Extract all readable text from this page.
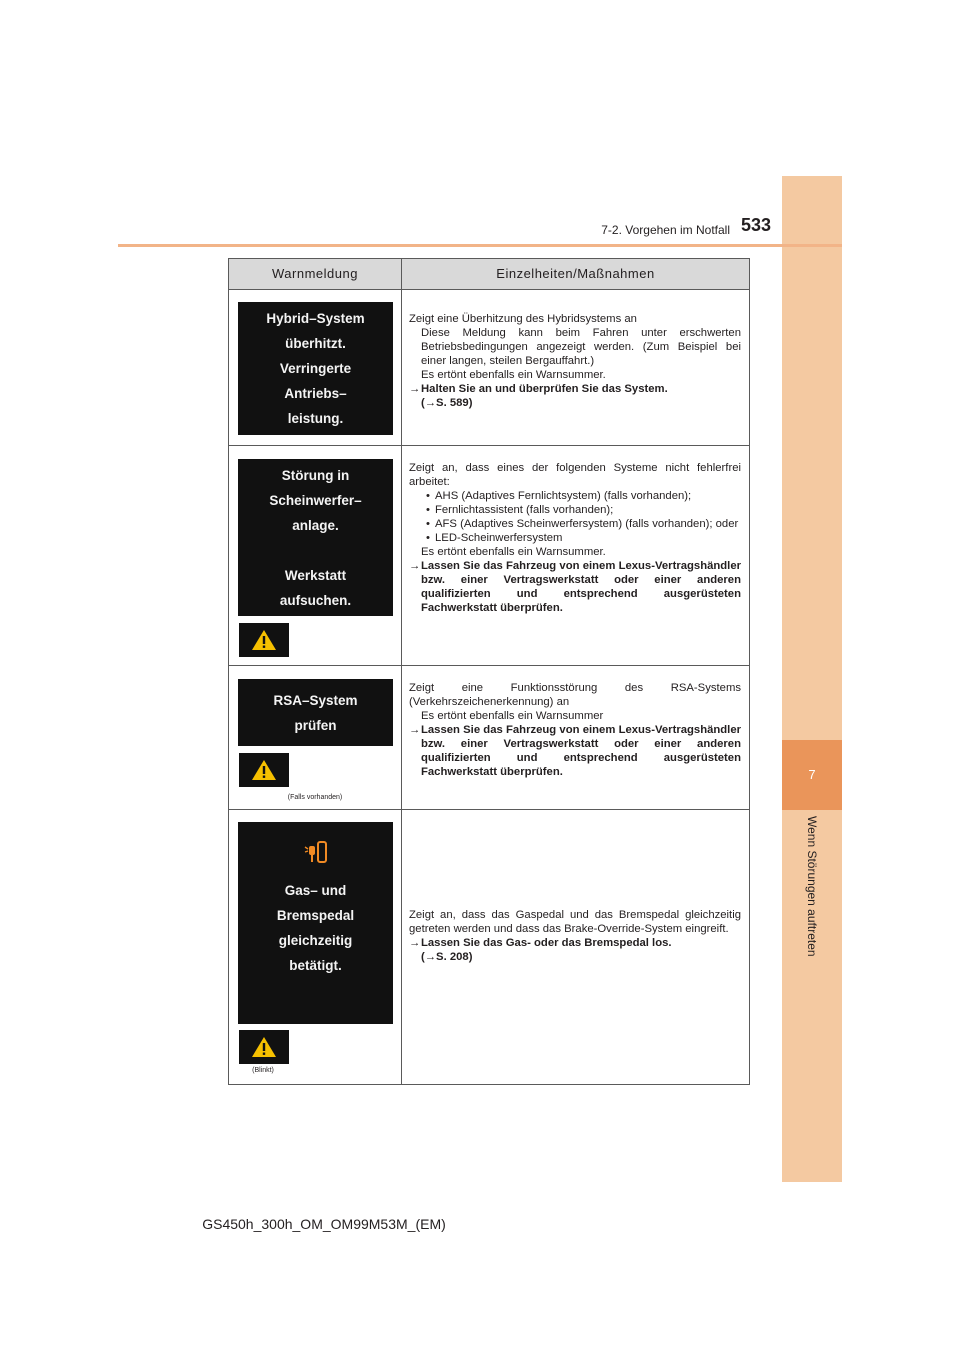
7
Wenn Störungen auftreten
7-2. Vorgehen im Notfall 533
Warnmeldung	Einzelheiten/Maßnahmen
Hybrid–System
überhitzt.
Verringerte
Antriebs–
leistung.

Zeigt eine Überhitzung des Hybridsystems an

Diese Meldung kann beim Fahren unter erschwerten Betriebsbedingungen angezeigt werden. (Zum Beispiel bei einer langen, steilen Bergauffahrt.)

Es ertönt ebenfalls ein Warnsummer.

→ Halten Sie an und überprüfen Sie das System.

(→S. 589)

Störung in
Scheinwerfer–
anlage.

Werkstatt
aufsuchen.

Zeigt an, dass eines der folgenden Systeme nicht fehlerfrei arbeitet:

• AHS (Adaptives Fernlichtsystem) (falls vorhanden);
• Fernlichtassistent (falls vorhanden);
• AFS (Adaptives Scheinwerfersystem) (falls vorhanden); oder
• LED-Scheinwerfersystem

Es ertönt ebenfalls ein Warnsummer.

→ Lassen Sie das Fahrzeug von einem Lexus-Vertragshändler bzw. einer Vertragswerkstatt oder einer anderen qualifizierten und entsprechend ausgerüsteten Fachwerkstatt überprüfen.
RSA–System
prüfen
(Falls vorhanden)

Zeigt eine Funktionsstörung des RSA-Systems (Verkehrszeichenerkennung) an

Es ertönt ebenfalls ein Warnsummer

→ Lassen Sie das Fahrzeug von einem Lexus-Vertragshändler bzw. einer Vertragswerkstatt oder einer anderen qualifizierten und entsprechend ausgerüsteten Fachwerkstatt überprüfen.
Gas– und
Bremspedal
gleichzeitig
betätigt.
(Blinkt)

Zeigt an, dass das Gaspedal und das Bremspedal gleichzeitig getreten werden und dass das Brake-Override-System eingreift.

→ Lassen Sie das Gas- oder das Bremspedal los.

(→S. 208)

GS450h_300h_OM_OM99M53M_(EM)
